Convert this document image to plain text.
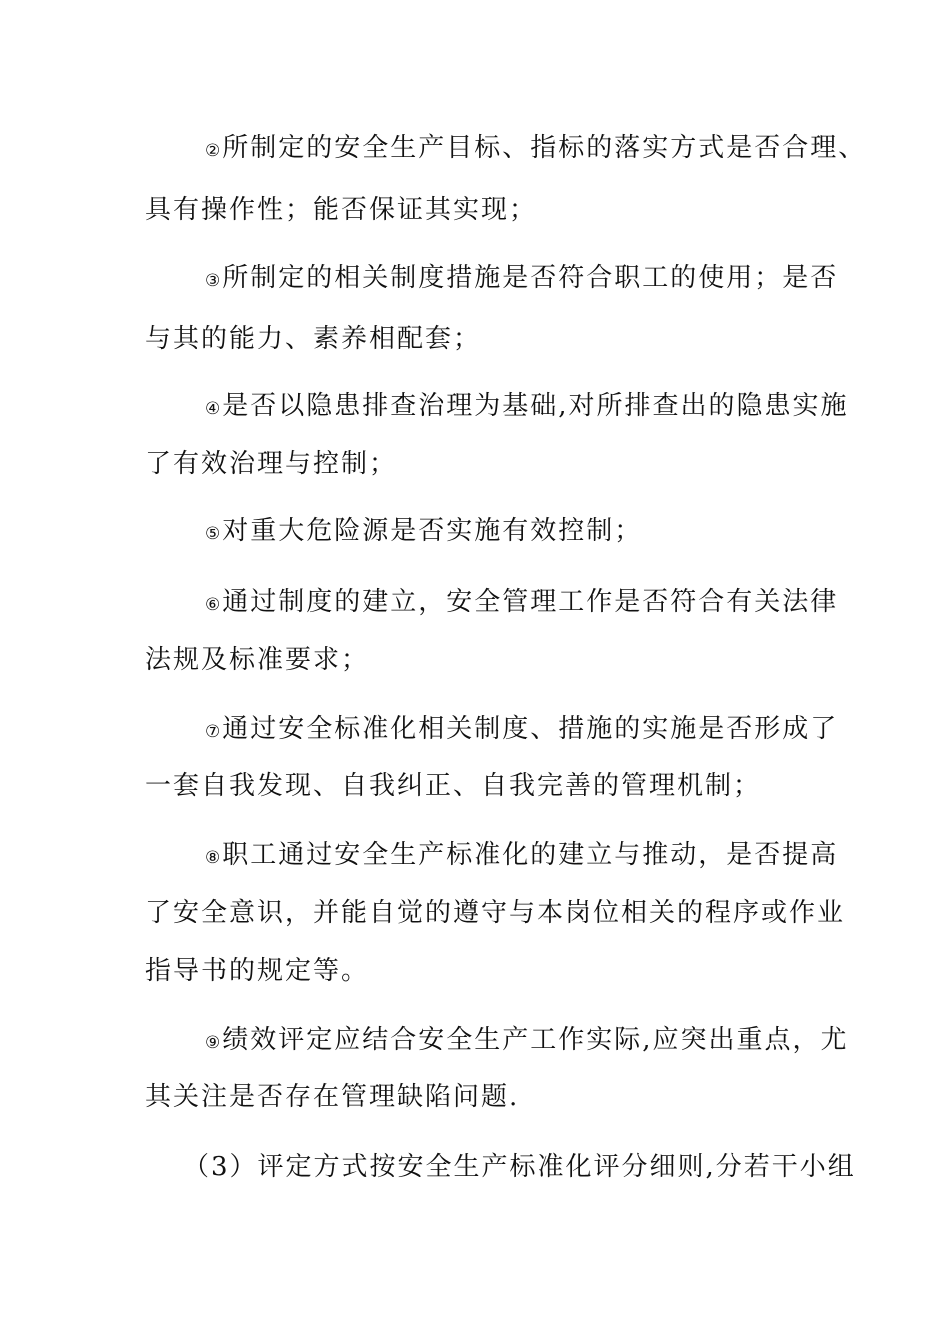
②所制定的安全生产目标、指标的落实方式是否合理、
具有操作性；能否保证其实现；
③所制定的相关制度措施是否符合职工的使用；是否
与其的能力、素养相配套；
④是否以隐患排查治理为基础,对所排查出的隐患实施
了有效治理与控制；
⑤对重大危险源是否实施有效控制；
⑥通过制度的建立，安全管理工作是否符合有关法律
法规及标准要求；
⑦通过安全标准化相关制度、措施的实施是否形成了
一套自我发现、自我纠正、自我完善的管理机制；
⑧职工通过安全生产标准化的建立与推动，是否提高
了安全意识，并能自觉的遵守与本岗位相关的程序或作业
指导书的规定等。
⑨绩效评定应结合安全生产工作实际,应突出重点，尤
其关注是否存在管理缺陷问题.
（3）评定方式按安全生产标准化评分细则,分若干小组
